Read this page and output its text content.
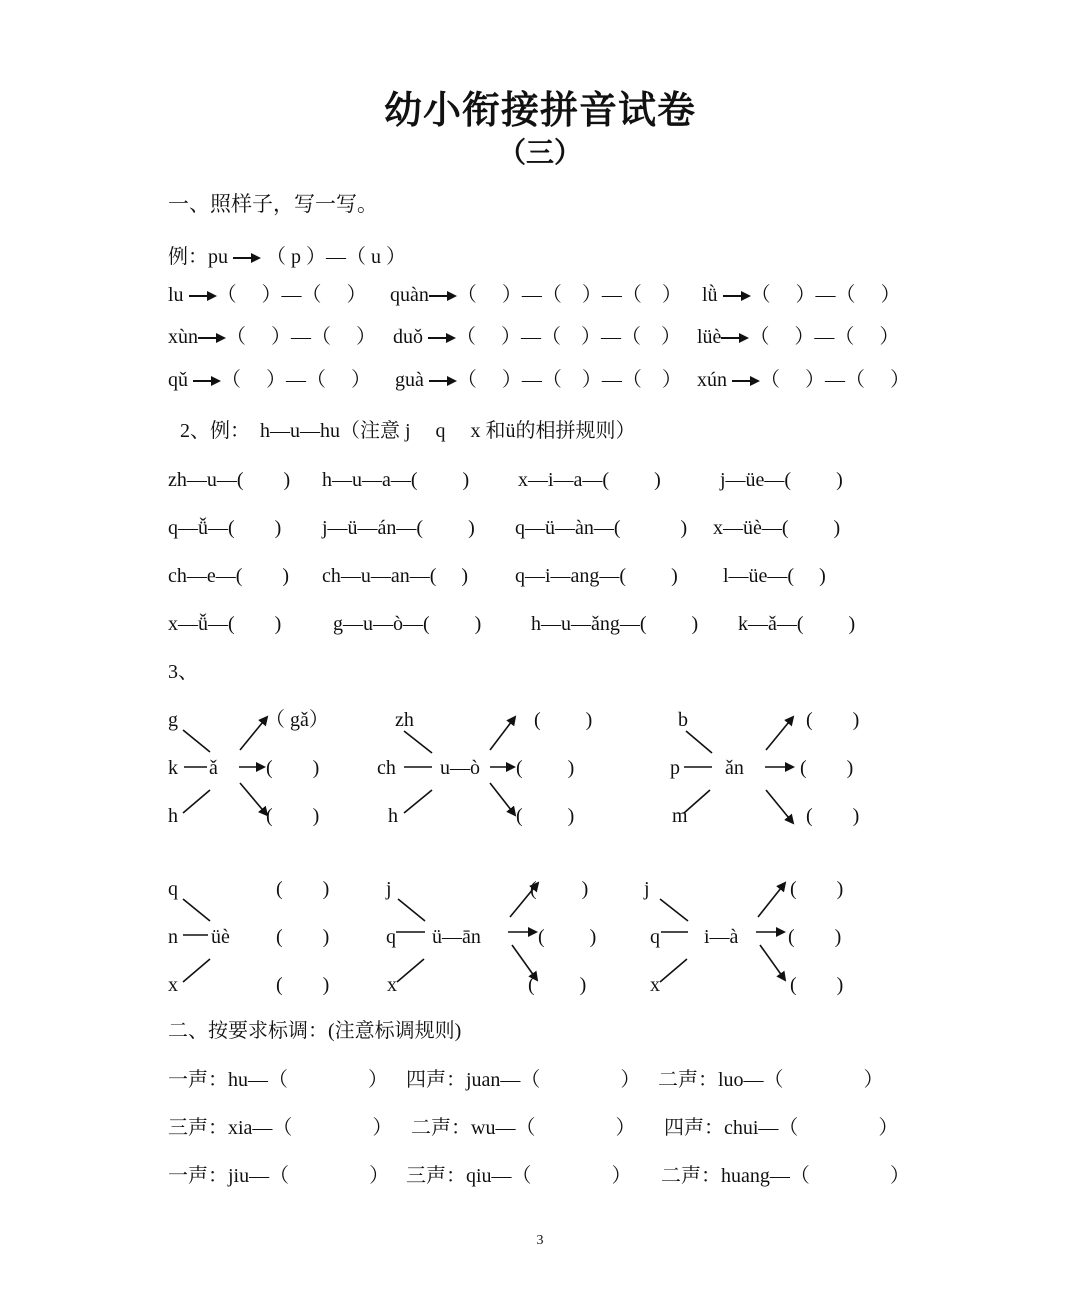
幼小衔接拼音试卷
（三）
一、照样子，写一写。
例：pu （ p ）—（ u ）
lu （　 ）—（　 ） quàn （　 ）—（　）—（　） lǜ （　 ）—（　 ）
xùn （　 ）—（　 ） duǒ （　 ）—（　）—（　） lüè （　 ）—（　 ）
qǔ （　 ）—（　 ） guà （　 ）—（　）—（　） xún （　 ）—（　 ）
2、例：　h—u—hu（注意 j　 q　 x 和ü的相拼规则）
zh—u—(　　) h—u—a—(　　 ) x—i—a—(　　 )	j—üe—(　　 )
q—ǚ—(　　) j—ü—án—(　　 ) q—ü—àn—(　　　) x—üè—(　　 )
ch—e—(　　) ch—u—an—(　 ) q—i—ang—(　　 ) l—üe—(　 )
x—ǚ—(　　)	g—u—ò—(　　 ) h—u—ǎng—(　　 ) k—ǎ—(　　 )
3、
g
k
h
ǎ
（ gǎ）
(　　)
(　　)
zh
ch
h
u—ò
(　　 )
(　　 )
(　　 )
b
p
m
ǎn
(　　)
(　　)
(　　)
q
n
x
üè
(　　)
(　　)
(　　)
j
q
x
ü—ān
(　　 )
(　　 )
(　　 )
j
q
x
i—à
(　　)
(　　)
(　　)
二、按要求标调：(注意标调规则)
一声：hu—（　　　　） 四声：juan—（　　　　） 二声：luo—（　　　　）
三声：xia—（　　　　） 二声：wu—（　　　　） 四声：chui—（　　　　）
一声：jiu—（　　　　） 三声：qiu—（　　　　） 二声：huang—（　　　　）
3
